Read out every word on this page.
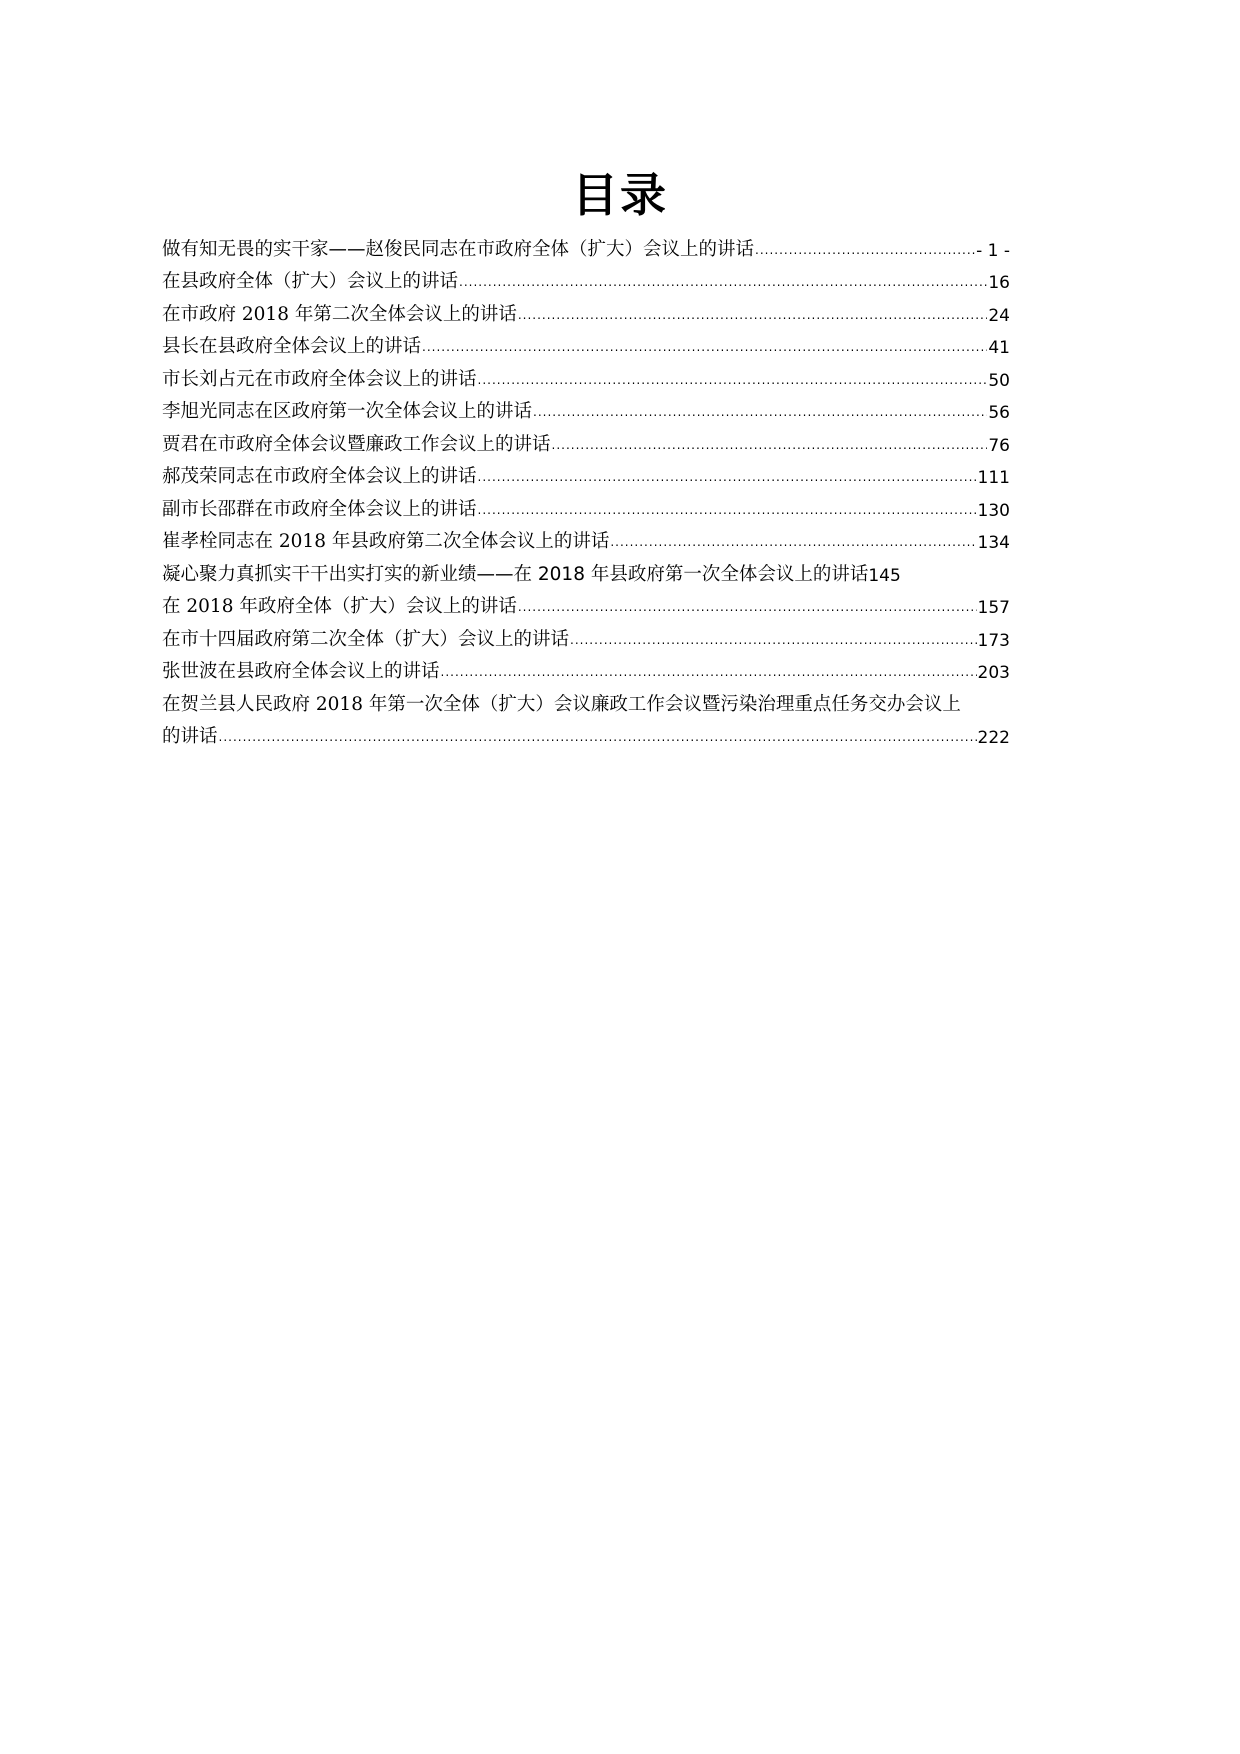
目录
做有知无畏的实干家——赵俊民同志在市政府全体（扩大）会议上的讲话 .....	- 1 -
在县政府全体（扩大）会议上的讲话 .....	16
在市政府 2018 年第二次全体会议上的讲话 .....	24
县长在县政府全体会议上的讲话 .....	41
市长刘占元在市政府全体会议上的讲话 .....	50
李旭光同志在区政府第一次全体会议上的讲话 .....	56
贾君在市政府全体会议暨廉政工作会议上的讲话 .....	76
郝茂荣同志在市政府全体会议上的讲话 .....	111
副市长邵群在市政府全体会议上的讲话 .....	130
崔孝栓同志在 2018 年县政府第二次全体会议上的讲话 .....	134
凝心聚力真抓实干干出实打实的新业绩——在 2018 年县政府第一次全体会议上的讲话 145
在 2018 年政府全体（扩大）会议上的讲话 .....	157
在市十四届政府第二次全体（扩大）会议上的讲话 .....	173
张世波在县政府全体会议上的讲话 .....	203
在贺兰县人民政府 2018 年第一次全体（扩大）会议廉政工作会议暨污染治理重点任务交办会议上
的讲话 .....	222
